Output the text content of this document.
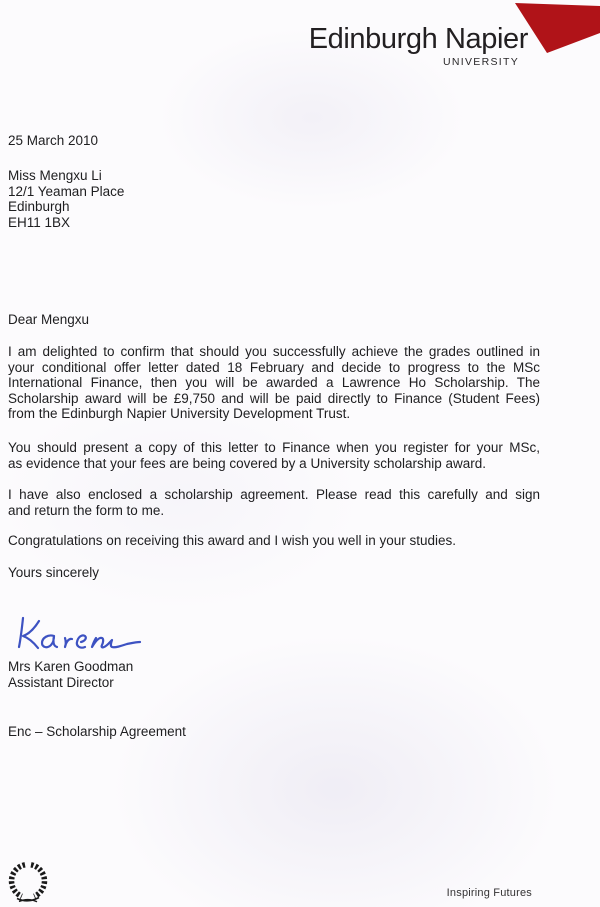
Edinburgh Napier
UNIVERSITY
25 March 2010
Miss Mengxu Li
12/1 Yeaman Place
Edinburgh
EH11 1BX
Dear Mengxu
I am delighted to confirm that should you successfully achieve the grades outlined in
your conditional offer letter dated 18 February and decide to progress to the MSc
International Finance, then you will be awarded a Lawrence Ho Scholarship. The
Scholarship award will be £9,750 and will be paid directly to Finance (Student Fees)
from the Edinburgh Napier University Development Trust.
You should present a copy of this letter to Finance when you register for your MSc,
as evidence that your fees are being covered by a University scholarship award.
I have also enclosed a scholarship agreement. Please read this carefully and sign
and return the form to me.
Congratulations on receiving this award and I wish you well in your studies.
Yours sincerely
Mrs Karen Goodman
Assistant Director
Enc – Scholarship Agreement
Inspiring Futures
